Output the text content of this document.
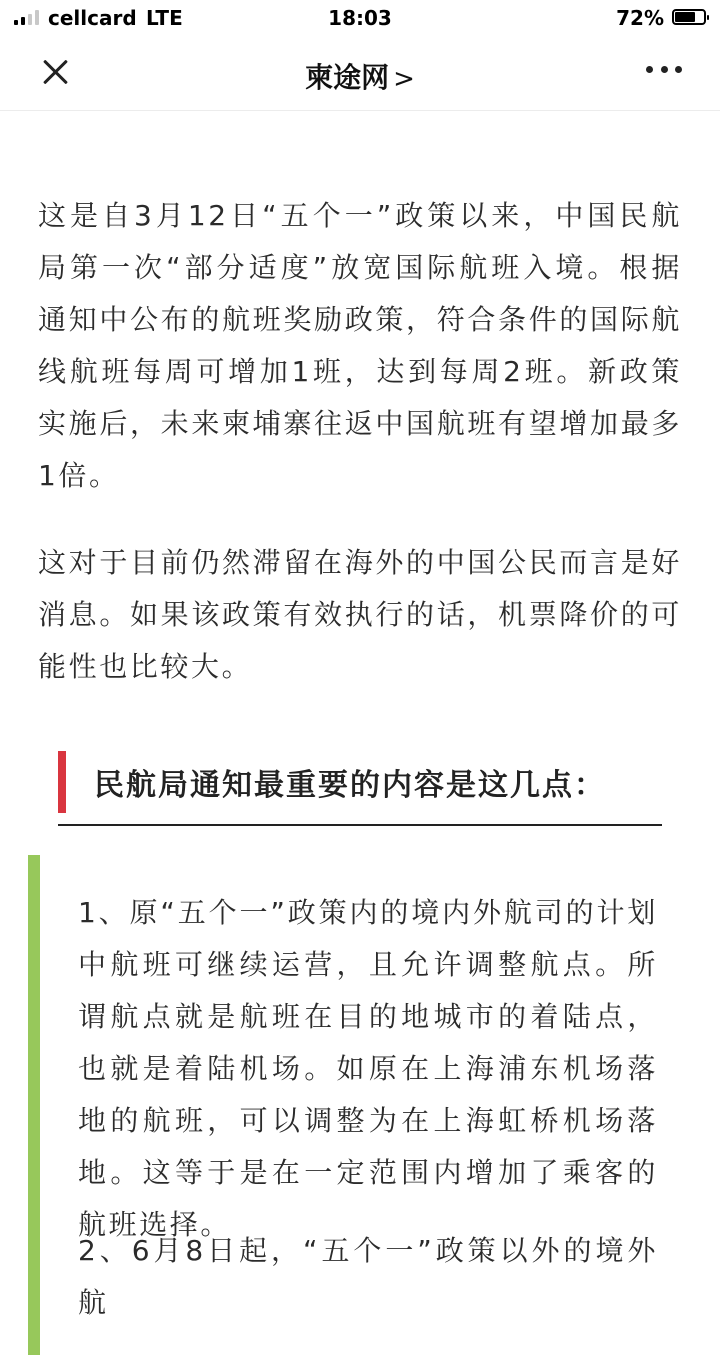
cellcard LTE	18:03	72%
柬途网 >

这是自3月12日“五个一”政策以来，中国民航局第一次“部分适度”放宽国际航班入境。根据通知中公布的航班奖励政策，符合条件的国际航线航班每周可增加1班，达到每周2班。新政策实施后，未来柬埔寨往返中国航班有望增加最多1倍。

这对于目前仍然滞留在海外的中国公民而言是好消息。如果该政策有效执行的话，机票降价的可能性也比较大。

民航局通知最重要的内容是这几点：

1、原“五个一”政策内的境内外航司的计划中航班可继续运营，且允许调整航点。所谓航点就是航班在目的地城市的着陆点，也就是着陆机场。如原在上海浦东机场落地的航班，可以调整为在上海虹桥机场落地。这等于是在一定范围内增加了乘客的航班选择。

2、6月8日起，“五个一”政策以外的境外航
